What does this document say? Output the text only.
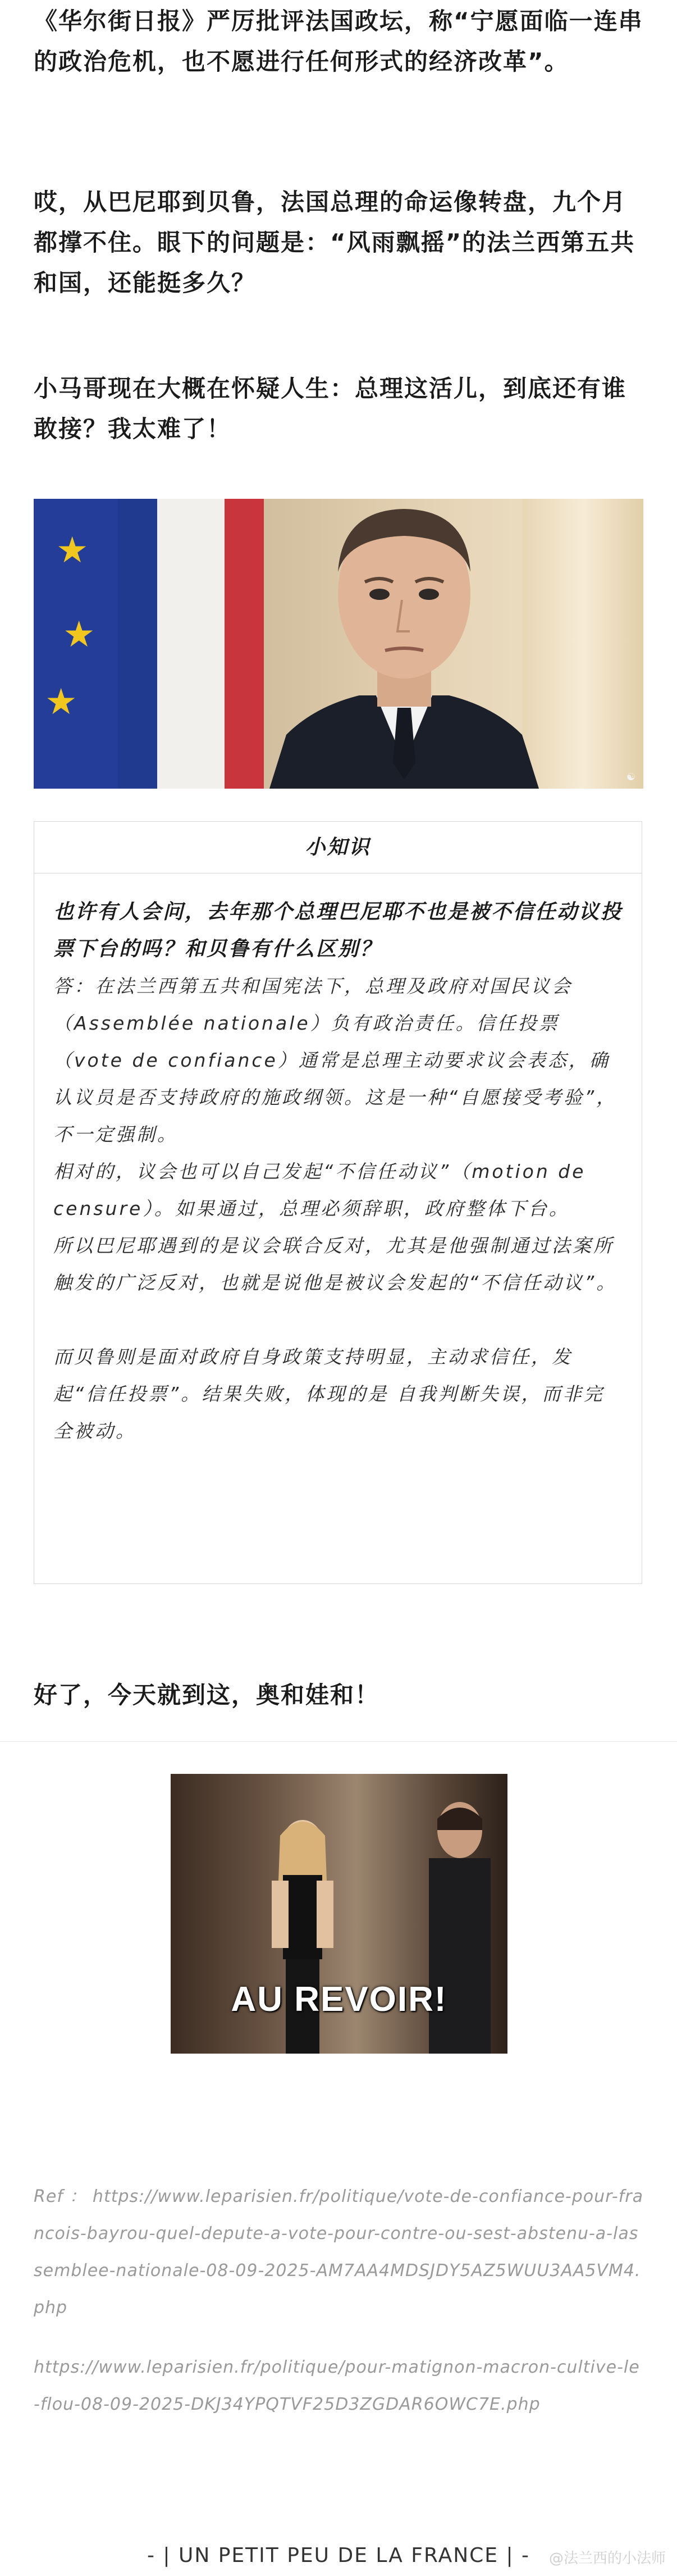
《华尔街日报》严厉批评法国政坛，称“宁愿面临一连串的政治危机，也不愿进行任何形式的经济改革”。

哎，从巴尼耶到贝鲁，法国总理的命运像转盘，九个月都撑不住。眼下的问题是：“风雨飘摇”的法兰西第五共和国，还能挺多久？

小马哥现在大概在怀疑人生：总理这活儿，到底还有谁敢接？我太难了！

★
★
★
☯
小知识

也许有人会问，去年那个总理巴尼耶不也是被不信任动议投票下台的吗？和贝鲁有什么区别？

答：在法兰西第五共和国宪法下，总理及政府对国民议会（Assemblée nationale）负有政治责任。信任投票（vote de confiance）通常是总理主动要求议会表态，确认议员是否支持政府的施政纲领。这是一种“自愿接受考验”，不一定强制。

相对的，议会也可以自己发起“不信任动议”（motion de censure）。如果通过，总理必须辞职，政府整体下台。

所以巴尼耶遇到的是议会联合反对，尤其是他强制通过法案所触发的广泛反对，也就是说他是被议会发起的“不信任动议”。

而贝鲁则是面对政府自身政策支持明显，主动求信任，发起“信任投票”。结果失败，体现的是 自我判断失误，而非完全被动。

好了，今天就到这，奥和娃和！

AU REVOIR!

Ref ： https://www.leparisien.fr/politique/vote-de-confiance-pour-francois-bayrou-quel-depute-a-vote-pour-contre-ou-sest-abstenu-a-lassemblee-nationale-08-09-2025-AM7AA4MDSJDY5AZ5WUU3AA5VM4.php

https://www.leparisien.fr/politique/pour-matignon-macron-cultive-le-flou-08-09-2025-DKJ34YPQTVF25D3ZGDAR6OWC7E.php

- | UN PETIT PEU DE LA FRANCE | -	@法兰西的小法师
